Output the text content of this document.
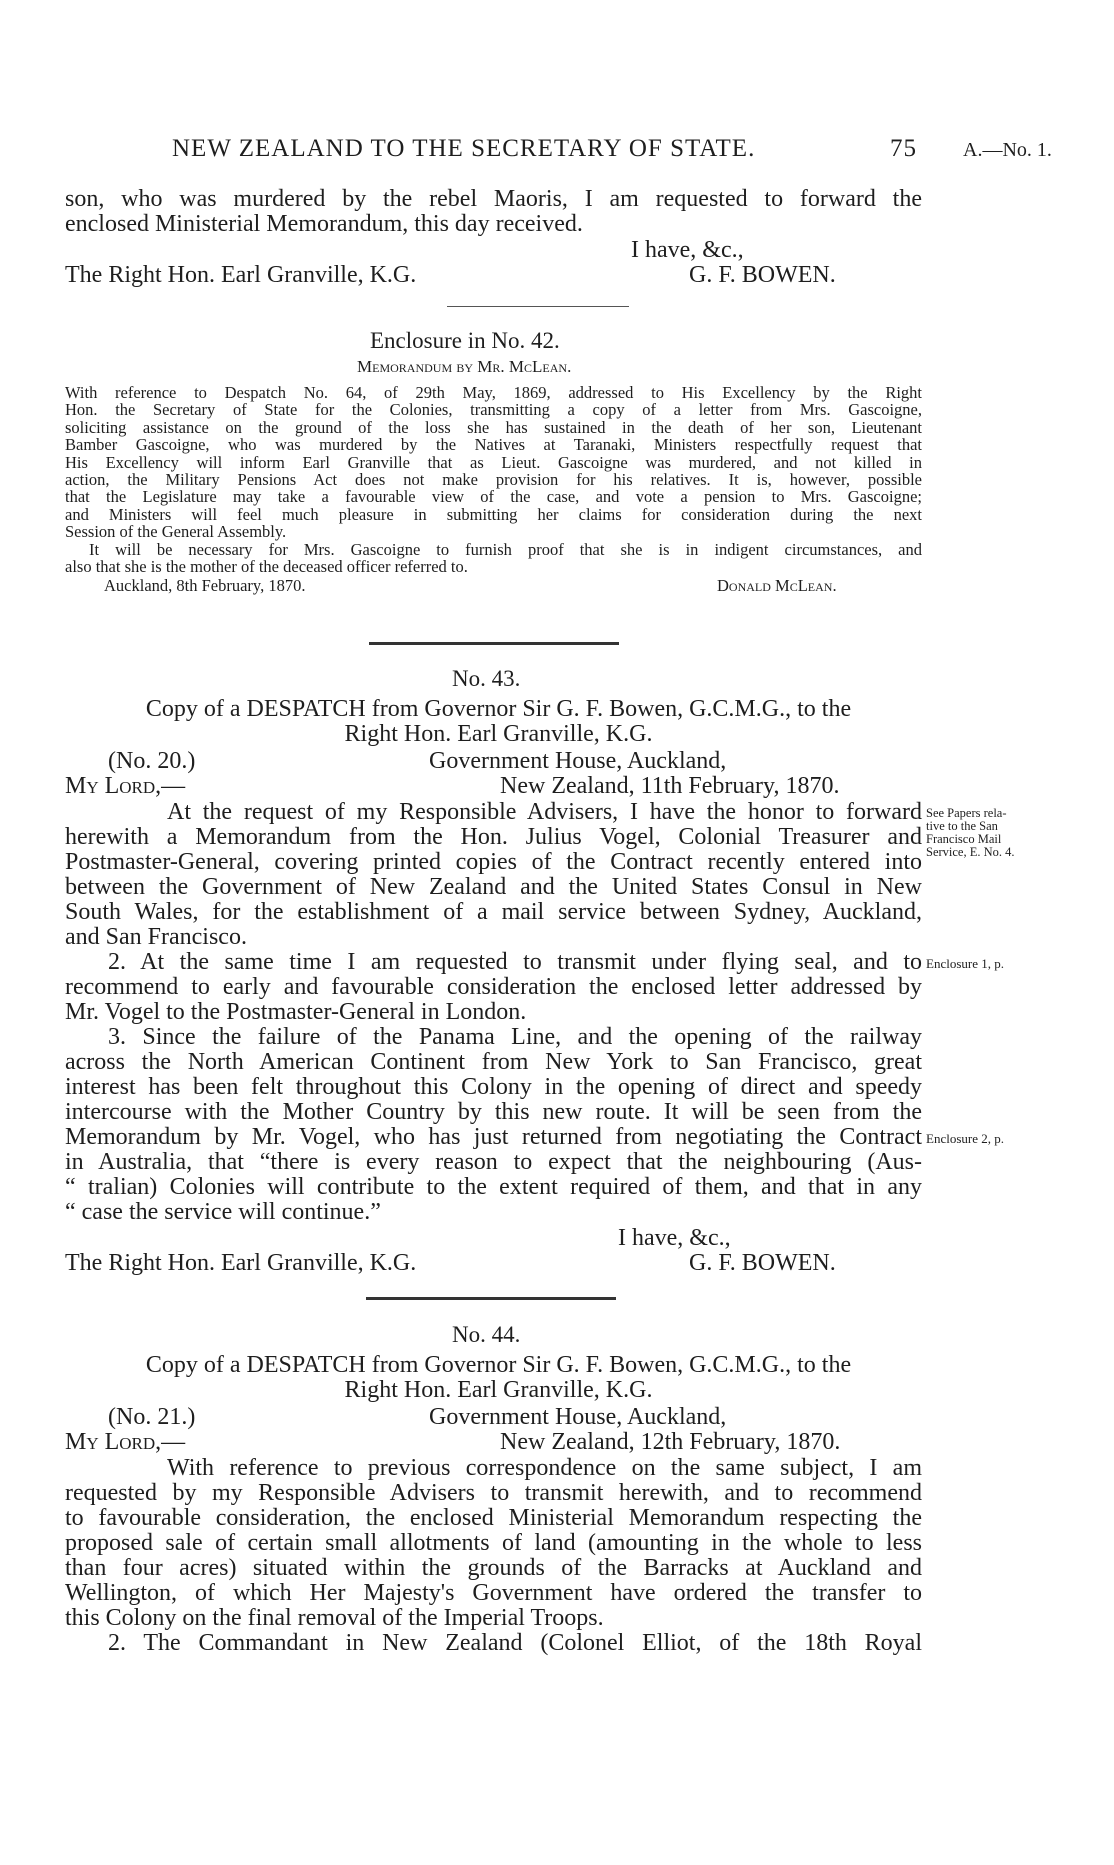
NEW ZEALAND TO THE SECRETARY OF STATE.	75 A.—No. 1.
son, who was murdered by the rebel Maoris, I am requested to forward the
enclosed Ministerial Memorandum, this day received.
I have, &c.,
The Right Hon. Earl Granville, K.G.	G. F. BOWEN.
Enclosure in No. 42.
Memorandum by Mr. McLean.
With reference to Despatch No. 64, of 29th May, 1869, addressed to His Excellency by the Right
Hon. the Secretary of State for the Colonies, transmitting a copy of a letter from Mrs. Gascoigne,
soliciting assistance on the ground of the loss she has sustained in the death of her son, Lieutenant
Bamber Gascoigne, who was murdered by the Natives at Taranaki, Ministers respectfully request that
His Excellency will inform Earl Granville that as Lieut. Gascoigne was murdered, and not killed in
action, the Military Pensions Act does not make provision for his relatives. It is, however, possible
that the Legislature may take a favourable view of the case, and vote a pension to Mrs. Gascoigne;
and Ministers will feel much pleasure in submitting her claims for consideration during the next
Session of the General Assembly.
It will be necessary for Mrs. Gascoigne to furnish proof that she is in indigent circumstances, and
also that she is the mother of the deceased officer referred to.
Auckland, 8th February, 1870.	Donald McLean.
No. 43.
Copy of a DESPATCH from Governor Sir G. F. Bowen, G.C.M.G., to the
Right Hon. Earl Granville, K.G.
(No. 20.)	Government House, Auckland,
My Lord,—	New Zealand, 11th February, 1870.
At the request of my Responsible Advisers, I have the honor to forward
herewith a Memorandum from the Hon. Julius Vogel, Colonial Treasurer and
Postmaster-General, covering printed copies of the Contract recently entered into
between the Government of New Zealand and the United States Consul in New
South Wales, for the establishment of a mail service between Sydney, Auckland,
and San Francisco.
2. At the same time I am requested to transmit under flying seal, and to
recommend to early and favourable consideration the enclosed letter addressed by
Mr. Vogel to the Postmaster-General in London.
3. Since the failure of the Panama Line, and the opening of the railway
across the North American Continent from New York to San Francisco, great
interest has been felt throughout this Colony in the opening of direct and speedy
intercourse with the Mother Country by this new route. It will be seen from the
Memorandum by Mr. Vogel, who has just returned from negotiating the Contract
in Australia, that “there is every reason to expect that the neighbouring (Aus-
“ tralian) Colonies will contribute to the extent required of them, and that in any
“ case the service will continue.”
See Papers rela-
tive to the San
Francisco Mail
Service, E. No. 4.
Enclosure 1, p.
Enclosure 2, p.
I have, &c.,
The Right Hon. Earl Granville, K.G.	G. F. BOWEN.
No. 44.
Copy of a DESPATCH from Governor Sir G. F. Bowen, G.C.M.G., to the
Right Hon. Earl Granville, K.G.
(No. 21.)	Government House, Auckland,
My Lord,—	New Zealand, 12th February, 1870.
With reference to previous correspondence on the same subject, I am
requested by my Responsible Advisers to transmit herewith, and to recommend
to favourable consideration, the enclosed Ministerial Memorandum respecting the
proposed sale of certain small allotments of land (amounting in the whole to less
than four acres) situated within the grounds of the Barracks at Auckland and
Wellington, of which Her Majesty's Government have ordered the transfer to
this Colony on the final removal of the Imperial Troops.
2. The Commandant in New Zealand (Colonel Elliot, of the 18th Royal
